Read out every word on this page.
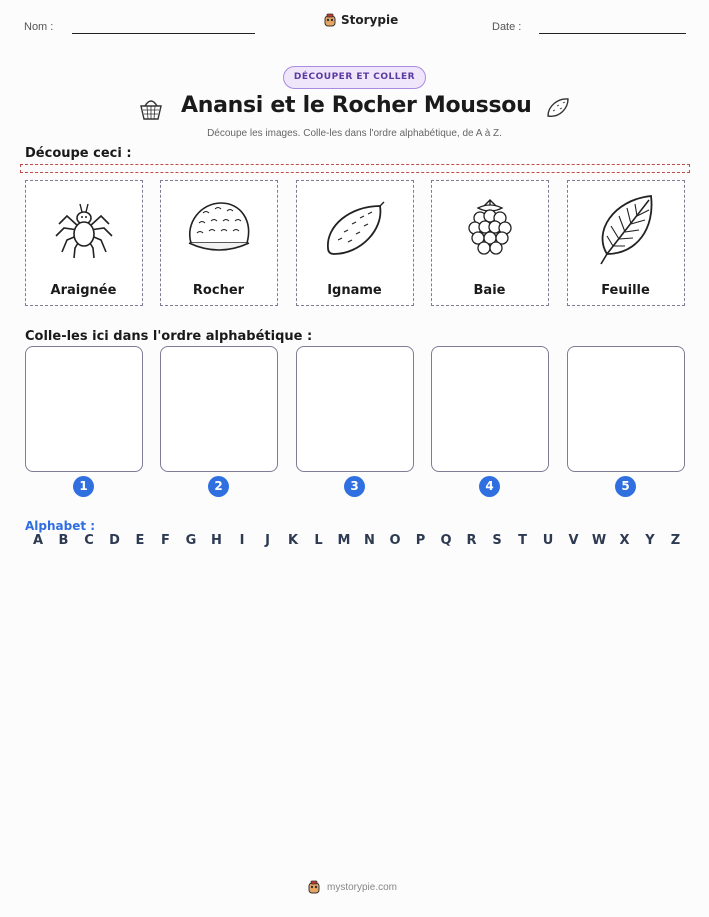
Nom :	Storypie	Date :
DÉCOUPER ET COLLER
Anansi et le Rocher Moussou
Découpe les images. Colle-les dans l'ordre alphabétique, de A à Z.
Découpe ceci :
Araignée	Rocher	Igname	Baie	Feuille
Colle-les ici dans l'ordre alphabétique :
1	2	3	4	5
Alphabet :
A	B	C	D	E	F	G	H	I	J	K	L	M	N	O	P	Q	R	S	T	U	V	W	X	Y	Z
mystorypie.com
